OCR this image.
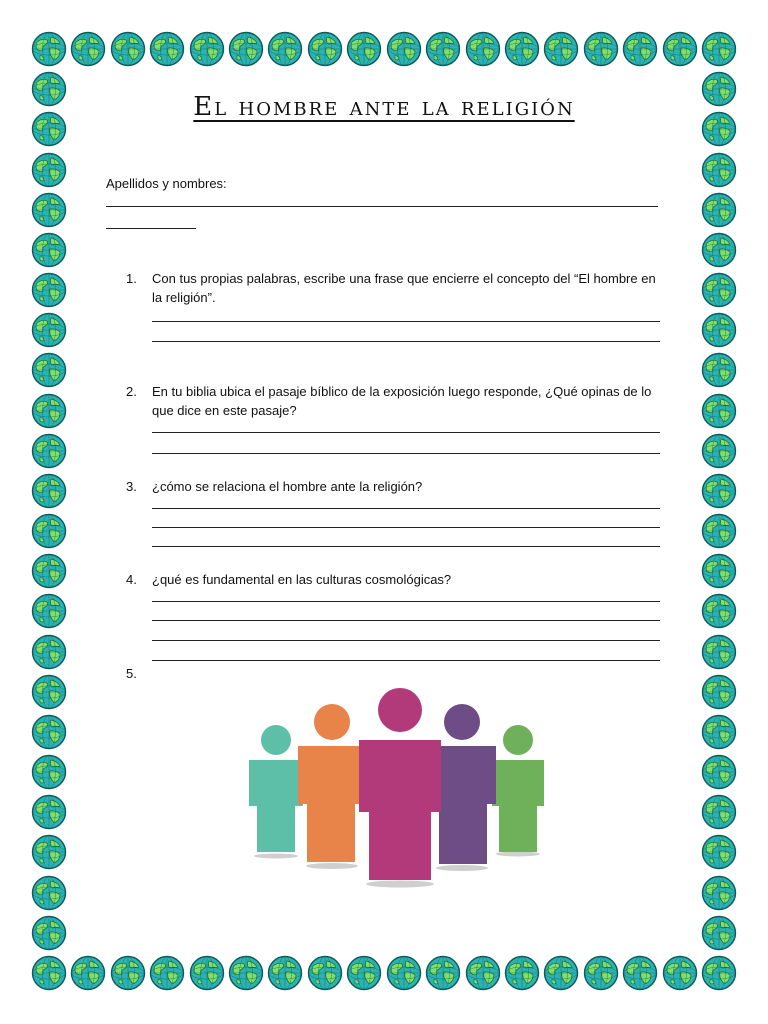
El hombre ante la religión
Apellidos y nombres:
1.	Con tus propias palabras, escribe una frase que encierre el concepto del “El hombre en la religión”.
2.	En tu biblia ubica el pasaje bíblico de la exposición luego responde, ¿Qué opinas de lo que dice en este pasaje?
3.	¿cómo se relaciona el hombre ante la religión?
4.	¿qué es fundamental en las culturas cosmológicas?
5.
